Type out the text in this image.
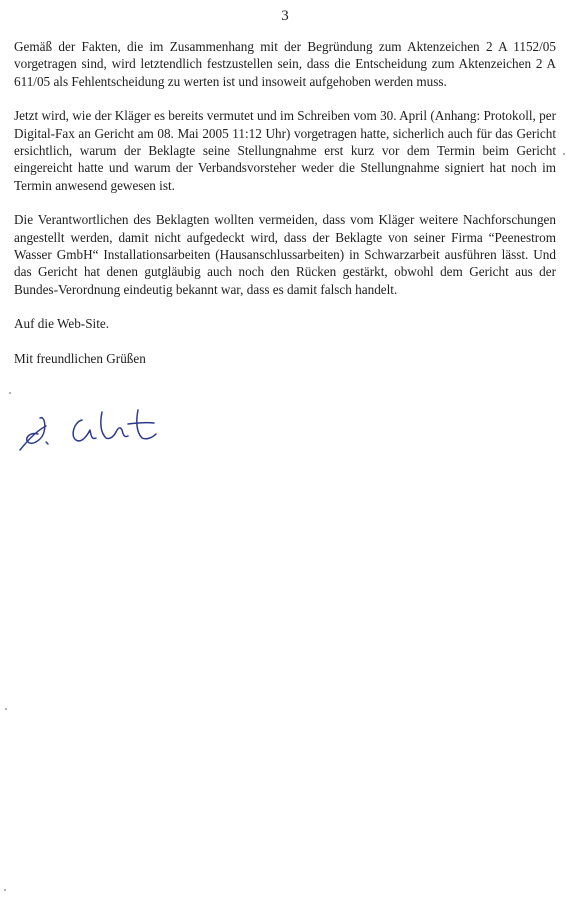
3

Gemäß der Fakten, die im Zusammenhang mit der Begründung zum Aktenzeichen 2 A 1152/05 vorgetragen sind, wird letztendlich festzustellen sein, dass die Entscheidung zum Aktenzeichen 2 A 611/05 als Fehlentscheidung zu werten ist und insoweit aufgehoben werden muss.

Jetzt wird, wie der Kläger es bereits vermutet und im Schreiben vom 30. April (Anhang: Protokoll, per Digital-Fax an Gericht am 08. Mai 2005 11:12 Uhr) vorgetragen hatte, sicherlich auch für das Gericht ersichtlich, warum der Beklagte seine Stellungnahme erst kurz vor dem Termin beim Gericht eingereicht hatte und warum der Verbandsvorsteher weder die Stellungnahme signiert hat noch im Termin anwesend gewesen ist.

Die Verantwortlichen des Beklagten wollten vermeiden, dass vom Kläger weitere Nachforschungen angestellt werden, damit nicht aufgedeckt wird, dass der Beklagte von seiner Firma “Peenestrom Wasser GmbH“ Installationsarbeiten (Hausanschlussarbeiten) in Schwarzarbeit ausführen lässt. Und das Gericht hat denen gutgläubig auch noch den Rücken gestärkt, obwohl dem Gericht aus der Bundes-Verordnung eindeutig bekannt war, dass es damit falsch handelt.

Auf die Web-Site.

Mit freundlichen Grüßen
